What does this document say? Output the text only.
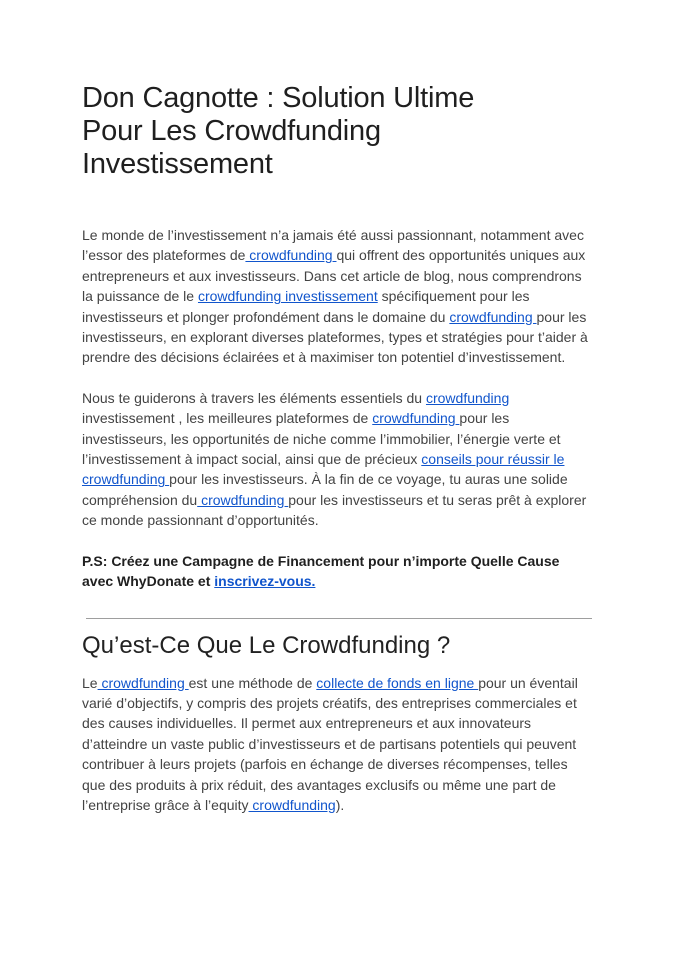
Don Cagnotte : Solution Ultime
Pour Les Crowdfunding
Investissement

Le monde de l’investissement n’a jamais été aussi passionnant, notamment avec l’essor des plateformes de crowdfunding qui offrent des opportunités uniques aux entrepreneurs et aux investisseurs. Dans cet article de blog, nous comprendrons la puissance de le crowdfunding investissement spécifiquement pour les investisseurs et plonger profondément dans le domaine du crowdfunding pour les investisseurs, en explorant diverses plateformes, types et stratégies pour t’aider à prendre des décisions éclairées et à maximiser ton potentiel d’investissement.

Nous te guiderons à travers les éléments essentiels du crowdfunding investissement , les meilleures plateformes de crowdfunding pour les investisseurs, les opportunités de niche comme l’immobilier, l’énergie verte et l’investissement à impact social, ainsi que de précieux conseils pour réussir le crowdfunding pour les investisseurs. À la fin de ce voyage, tu auras une solide compréhension du crowdfunding pour les investisseurs et tu seras prêt à explorer ce monde passionnant d’opportunités.

P.S: Créez une Campagne de Financement pour n’importe Quelle Cause avec WhyDonate et inscrivez-vous.

Qu’est-Ce Que Le Crowdfunding ?

Le crowdfunding est une méthode de collecte de fonds en ligne pour un éventail varié d’objectifs, y compris des projets créatifs, des entreprises commerciales et des causes individuelles. Il permet aux entrepreneurs et aux innovateurs d’atteindre un vaste public d’investisseurs et de partisans potentiels qui peuvent contribuer à leurs projets (parfois en échange de diverses récompenses, telles que des produits à prix réduit, des avantages exclusifs ou même une part de l’entreprise grâce à l’equity crowdfunding).
